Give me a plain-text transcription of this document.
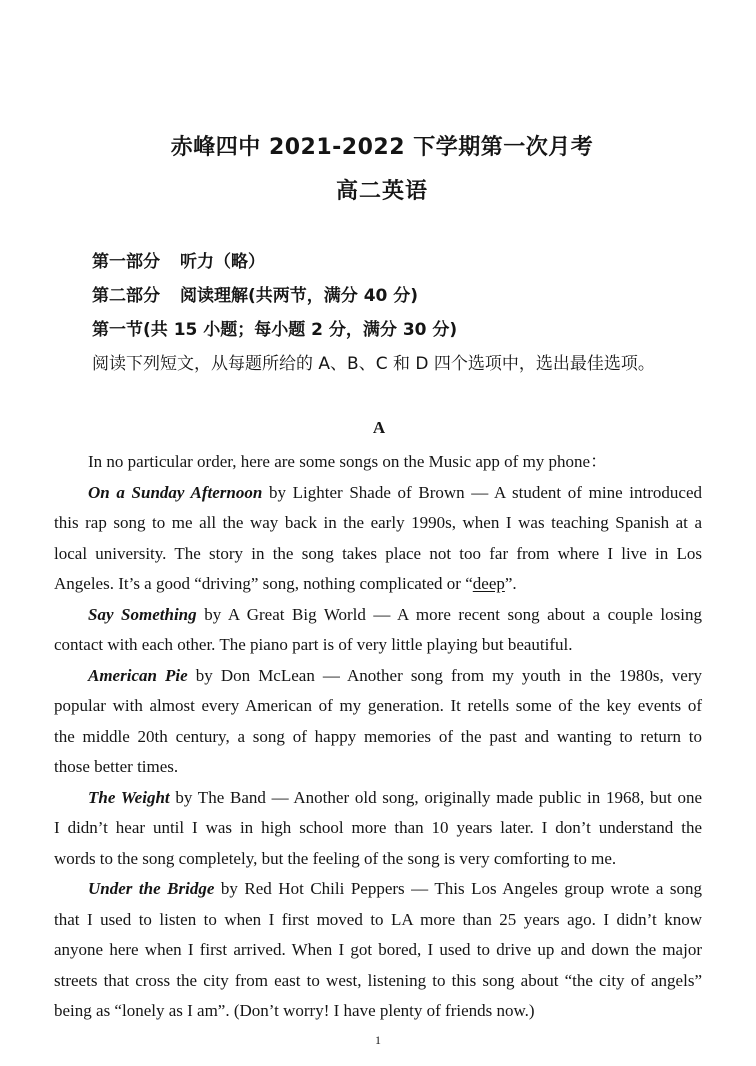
赤峰四中 2021-2022 下学期第一次月考
高二英语
第一部分 听力（略）
第二部分 阅读理解(共两节，满分 40 分)
第一节(共 15 小题；每小题 2 分，满分 30 分)
阅读下列短文，从每题所给的 A、B、C 和 D 四个选项中，选出最佳选项。
A
In no particular order, here are some songs on the Music app of my phone：
On a Sunday Afternoon by Lighter Shade of Brown — A student of mine introduced
this rap song to me all the way back in the early 1990s, when I was teaching Spanish at a
local university. The story in the song takes place not too far from where I live in Los
Angeles. It’s a good “driving” song, nothing complicated or “deep”.
Say Something by A Great Big World — A more recent song about a couple losing
contact with each other. The piano part is of very little playing but beautiful.
American Pie by Don McLean — Another song from my youth in the 1980s, very
popular with almost every American of my generation. It retells some of the key events of
the middle 20th century, a song of happy memories of the past and wanting to return to
those better times.
The Weight by The Band — Another old song, originally made public in 1968, but one
I didn’t hear until I was in high school more than 10 years later. I don’t understand the
words to the song completely, but the feeling of the song is very comforting to me.
Under the Bridge by Red Hot Chili Peppers — This Los Angeles group wrote a song
that I used to listen to when I first moved to LA more than 25 years ago. I didn’t know
anyone here when I first arrived. When I got bored, I used to drive up and down the major
streets that cross the city from east to west, listening to this song about “the city of angels”
being as “lonely as I am”. (Don’t worry! I have plenty of friends now.)
1
